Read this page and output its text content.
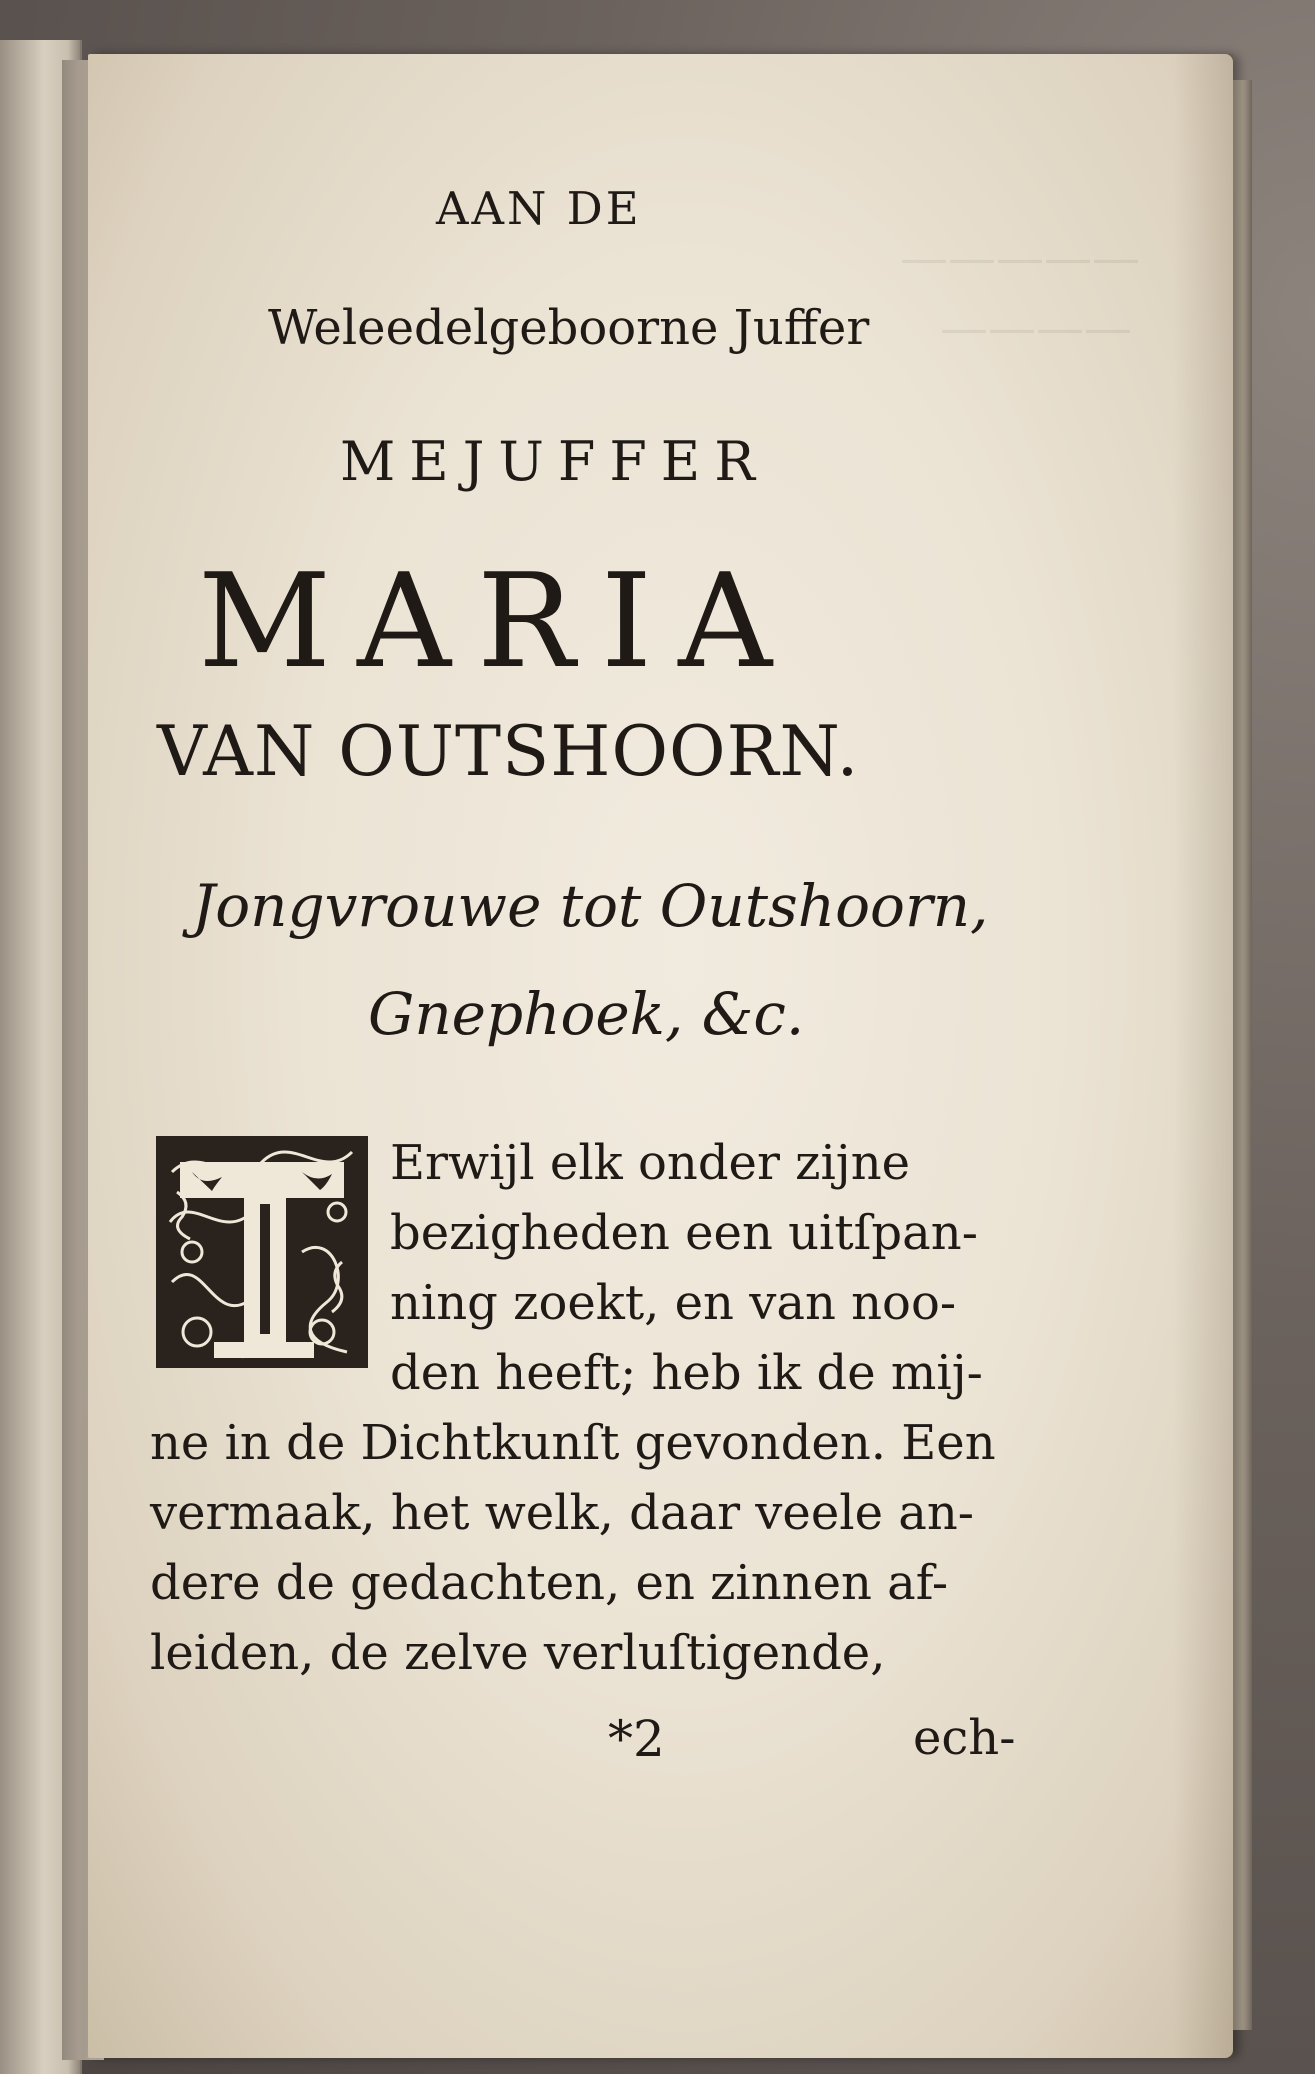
—————
————

AAN DE

Weleedelgeboorne Juffer

MEJUFFER

MARIA

VAN OUTSHOORN.

Jongvrouwe tot Outshoorn,

Gnephoek, &c.

Erwijl elk onder zijne

bezigheden een uitſpan-

ning zoekt, en van noo-

den heeft; heb ik de mij-

ne in de Dichtkunſt gevonden. Een

vermaak, het welk, daar veele an-

dere de gedachten, en zinnen af-

leiden, de zelve verluſtigende,

*2	ech-
